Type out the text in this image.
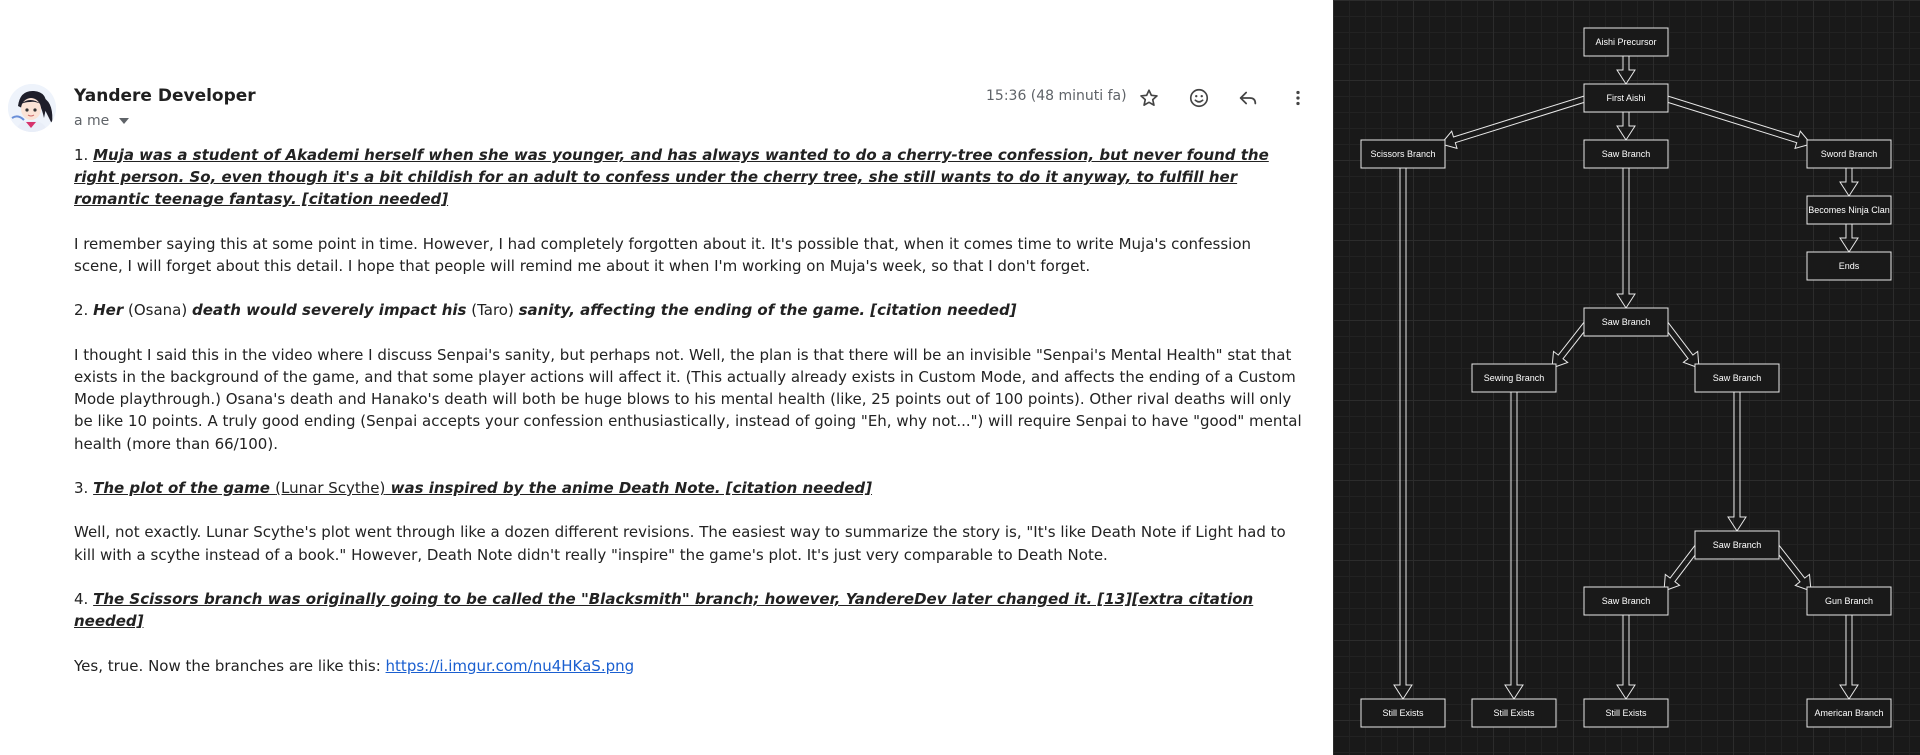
Yandere Developer
a me
15:36 (48 minuti fa)

1. Muja was a student of Akademi herself when she was younger, and has always wanted to do a cherry-tree confession, but never found the right person. So, even though it's a bit childish for an adult to confess under the cherry tree, she still wants to do it anyway, to fulfill her romantic teenage fantasy. [citation needed]

I remember saying this at some point in time. However, I had completely forgotten about it. It's possible that, when it comes time to write Muja's confession scene, I will forget about this detail. I hope that people will remind me about it when I'm working on Muja's week, so that I don't forget.

2. Her (Osana) death would severely impact his (Taro) sanity, affecting the ending of the game. [citation needed]

I thought I said this in the video where I discuss Senpai's sanity, but perhaps not. Well, the plan is that there will be an invisible "Senpai's Mental Health" stat that exists in the background of the game, and that some player actions will affect it. (This actually already exists in Custom Mode, and affects the ending of a Custom Mode playthrough.) Osana's death and Hanako's death will both be huge blows to his mental health (like, 25 points out of 100 points). Other rival deaths will only be like 10 points. A truly good ending (Senpai accepts your confession enthusiastically, instead of going "Eh, why not...") will require Senpai to have "good" mental health (more than 66/100).

3. The plot of the game (Lunar Scythe) was inspired by the anime Death Note. [citation needed]

Well, not exactly. Lunar Scythe's plot went through like a dozen different revisions. The easiest way to summarize the story is, "It's like Death Note if Light had to kill with a scythe instead of a book." However, Death Note didn't really "inspire" the game's plot. It's just very comparable to Death Note.

4. The Scissors branch was originally going to be called the "Blacksmith" branch; however, YandereDev later changed it. [13][extra citation needed]

Yes, true. Now the branches are like this: https://i.imgur.com/nu4HKaS.png

Aishi Precursor
First Aishi
Scissors Branch	Saw Branch	Sword Branch
Becomes Ninja Clan
Ends
Saw Branch
Sewing Branch	Saw Branch
Saw Branch
Saw Branch	Gun Branch
Still Exists	Still Exists	Still Exists	American Branch
